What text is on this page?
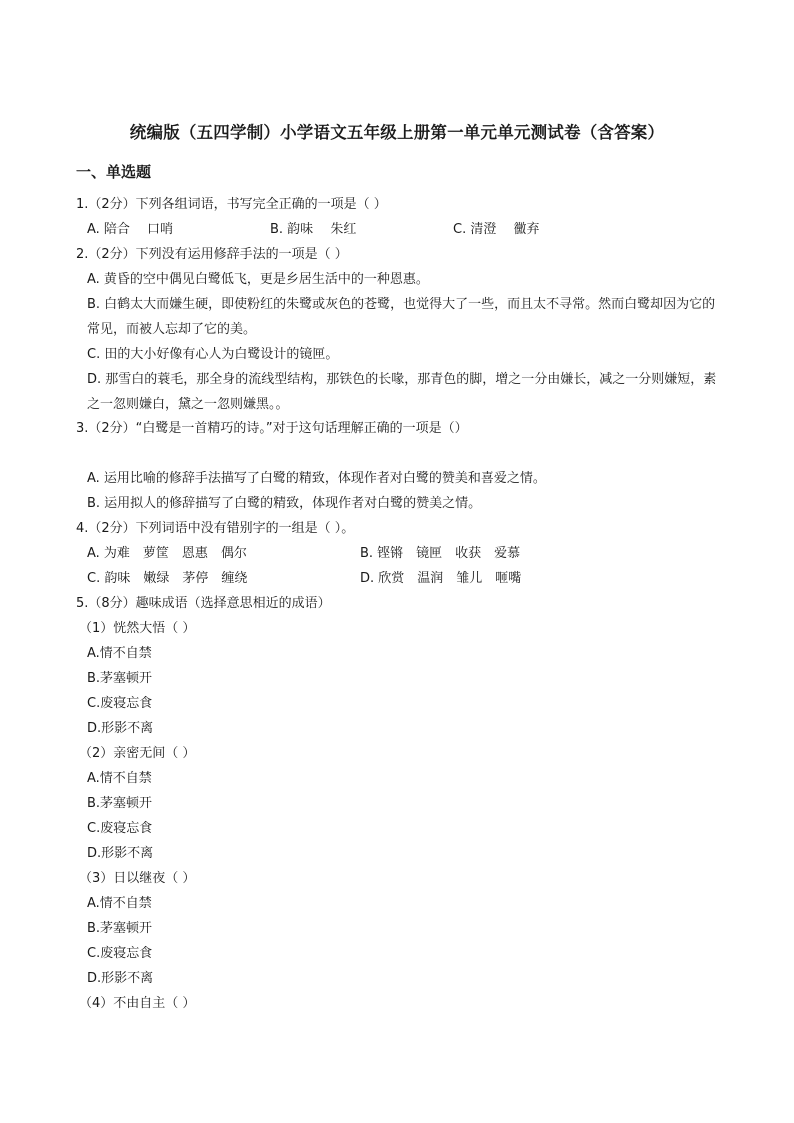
统编版（五四学制）小学语文五年级上册第一单元单元测试卷（含答案）
一、单选题
1.（2分）下列各组词语，书写完全正确的一项是（ ）
A. 陪合　 口哨	B. 韵味　 朱红	C. 清澄　 黴弃
2.（2分）下列没有运用修辞手法的一项是（ ）
A. 黄昏的空中偶见白鹭低飞，更是乡居生活中的一种恩惠。
B. 白鹤太大而嫌生硬，即使粉红的朱鹭或灰色的苍鹭，也觉得大了一些，而且太不寻常。然而白鹭却因为它的常见，而被人忘却了它的美。
C. 田的大小好像有心人为白鹭设计的镜匣。
D. 那雪白的蓑毛，那全身的流线型结构，那铁色的长喙，那青色的脚，增之一分由嫌长，减之一分则嫌短，素之一忽则嫌白，黛之一忽则嫌黑。。
3.（2分）“白鹭是一首精巧的诗。”对于这句话理解正确的一项是（）
A. 运用比喻的修辞手法描写了白鹭的精致，体现作者对白鹭的赞美和喜爱之情。
B. 运用拟人的修辞描写了白鹭的精致，体现作者对白鹭的赞美之情。
4.（2分）下列词语中没有错别字的一组是（ ）。
A. 为难　萝筐　恩惠　偶尔	B. 铿锵　镜匣　收获　爱慕
C. 韵味　嫩绿　茅停　缠绕	D. 欣赏　温润　雏儿　咂嘴
5.（8分）趣味成语（选择意思相近的成语）
（1）恍然大悟（ ）
A.情不自禁
B.茅塞顿开
C.废寝忘食
D.形影不离
（2）亲密无间（ ）
A.情不自禁
B.茅塞顿开
C.废寝忘食
D.形影不离
（3）日以继夜（ ）
A.情不自禁
B.茅塞顿开
C.废寝忘食
D.形影不离
（4）不由自主（ ）
